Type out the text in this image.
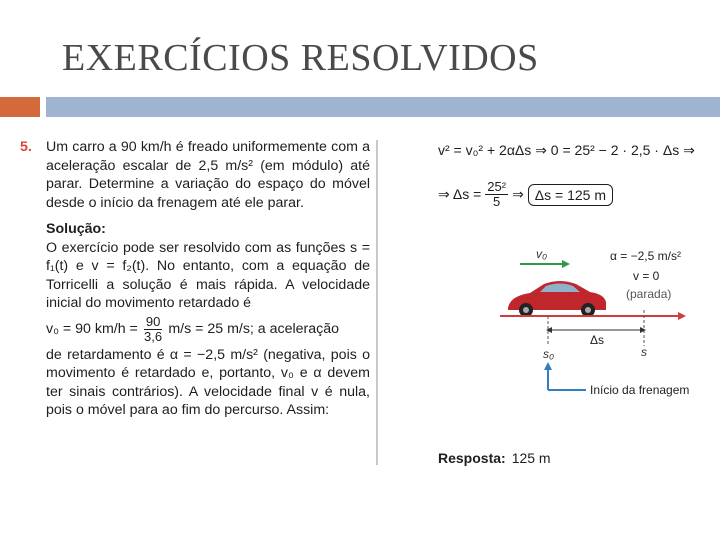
EXERCÍCIOS RESOLVIDOS
5. Um carro a 90 km/h é freado uniformemente com a aceleração escalar de 2,5 m/s² (em módulo) até parar. Determine a variação do espaço do móvel desde o início da frenagem até ele parar.

Solução:

O exercício pode ser resolvido com as funções s = f₁(t) e v = f₂(t). No entanto, com a equação de Torricelli a solução é mais rápida. A velocidade inicial do movimento retardado é

v₀ = 90 $km/h = \frac{90}{3,6} m/s = 25$ m/s; a aceleração

de retardamento é α = −2,5 m/s² (negativa, pois o movimento é retardado e, portanto, v₀ e α devem ter sinais contrários). A velocidade final v é nula, pois o móvel para ao fim do percurso. Assim:

v² = v₀² + 2αΔs ⇒ 0 = 25² − 2 · 2,5 · Δs ⇒
⇒ $\Delta s = \frac{\text{25²}}{5}$ ⇒ Δs = 125 m
v₀	α = −2,5 m/s²
v = 0
(parada)
Δs
s₀	s
Início da frenagem
Resposta: 125 m
